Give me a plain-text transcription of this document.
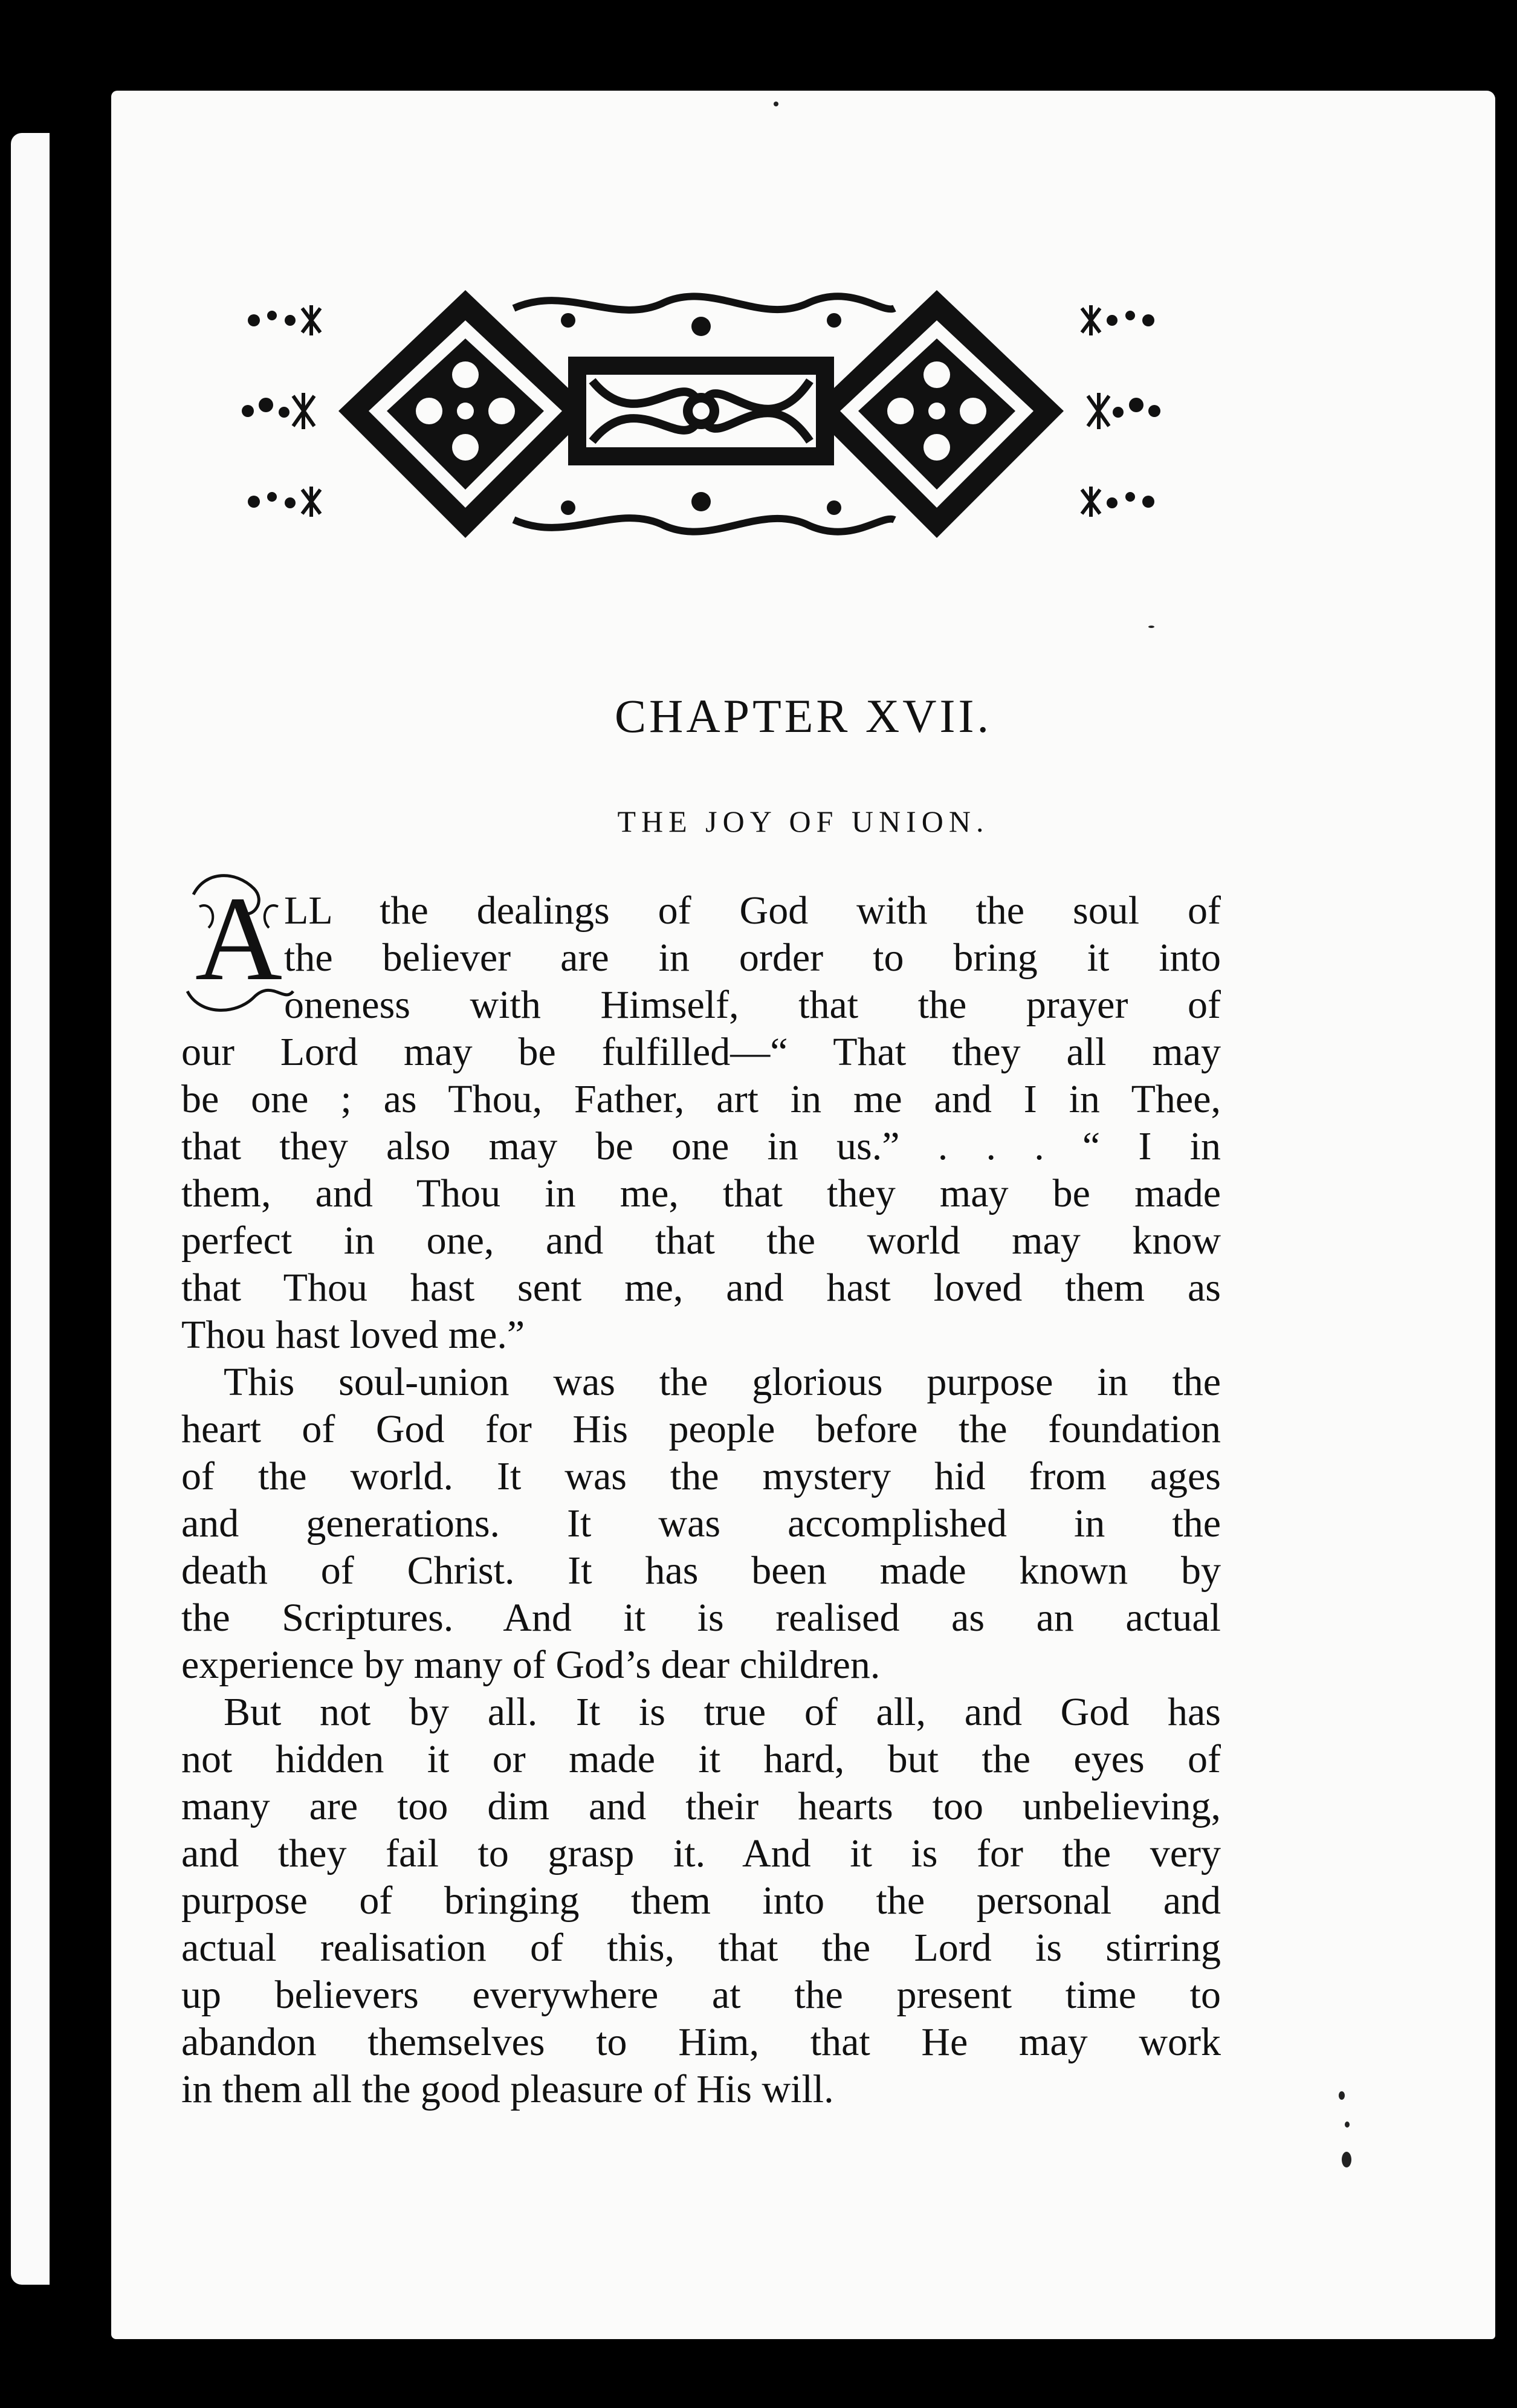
CHAPTER XVII.
THE JOY OF UNION.
A LL the dealings of God with the soul of
the believer are in order to bring it into
oneness with Himself, that the prayer of
our Lord may be fulfilled—“ That they all may
be one ; as Thou, Father, art in me and I in Thee,
that they also may be one in us.” . . . “ I in
them, and Thou in me, that they may be made
perfect in one, and that the world may know
that Thou hast sent me, and hast loved them as
Thou hast loved me.”
This soul-union was the glorious purpose in the
heart of God for His people before the foundation
of the world. It was the mystery hid from ages
and generations. It was accomplished in the
death of Christ. It has been made known by
the Scriptures. And it is realised as an actual
experience by many of God’s dear children.
But not by all. It is true of all, and God has
not hidden it or made it hard, but the eyes of
many are too dim and their hearts too unbelieving,
and they fail to grasp it. And it is for the very
purpose of bringing them into the personal and
actual realisation of this, that the Lord is stirring
up believers everywhere at the present time to
abandon themselves to Him, that He may work
in them all the good pleasure of His will.
